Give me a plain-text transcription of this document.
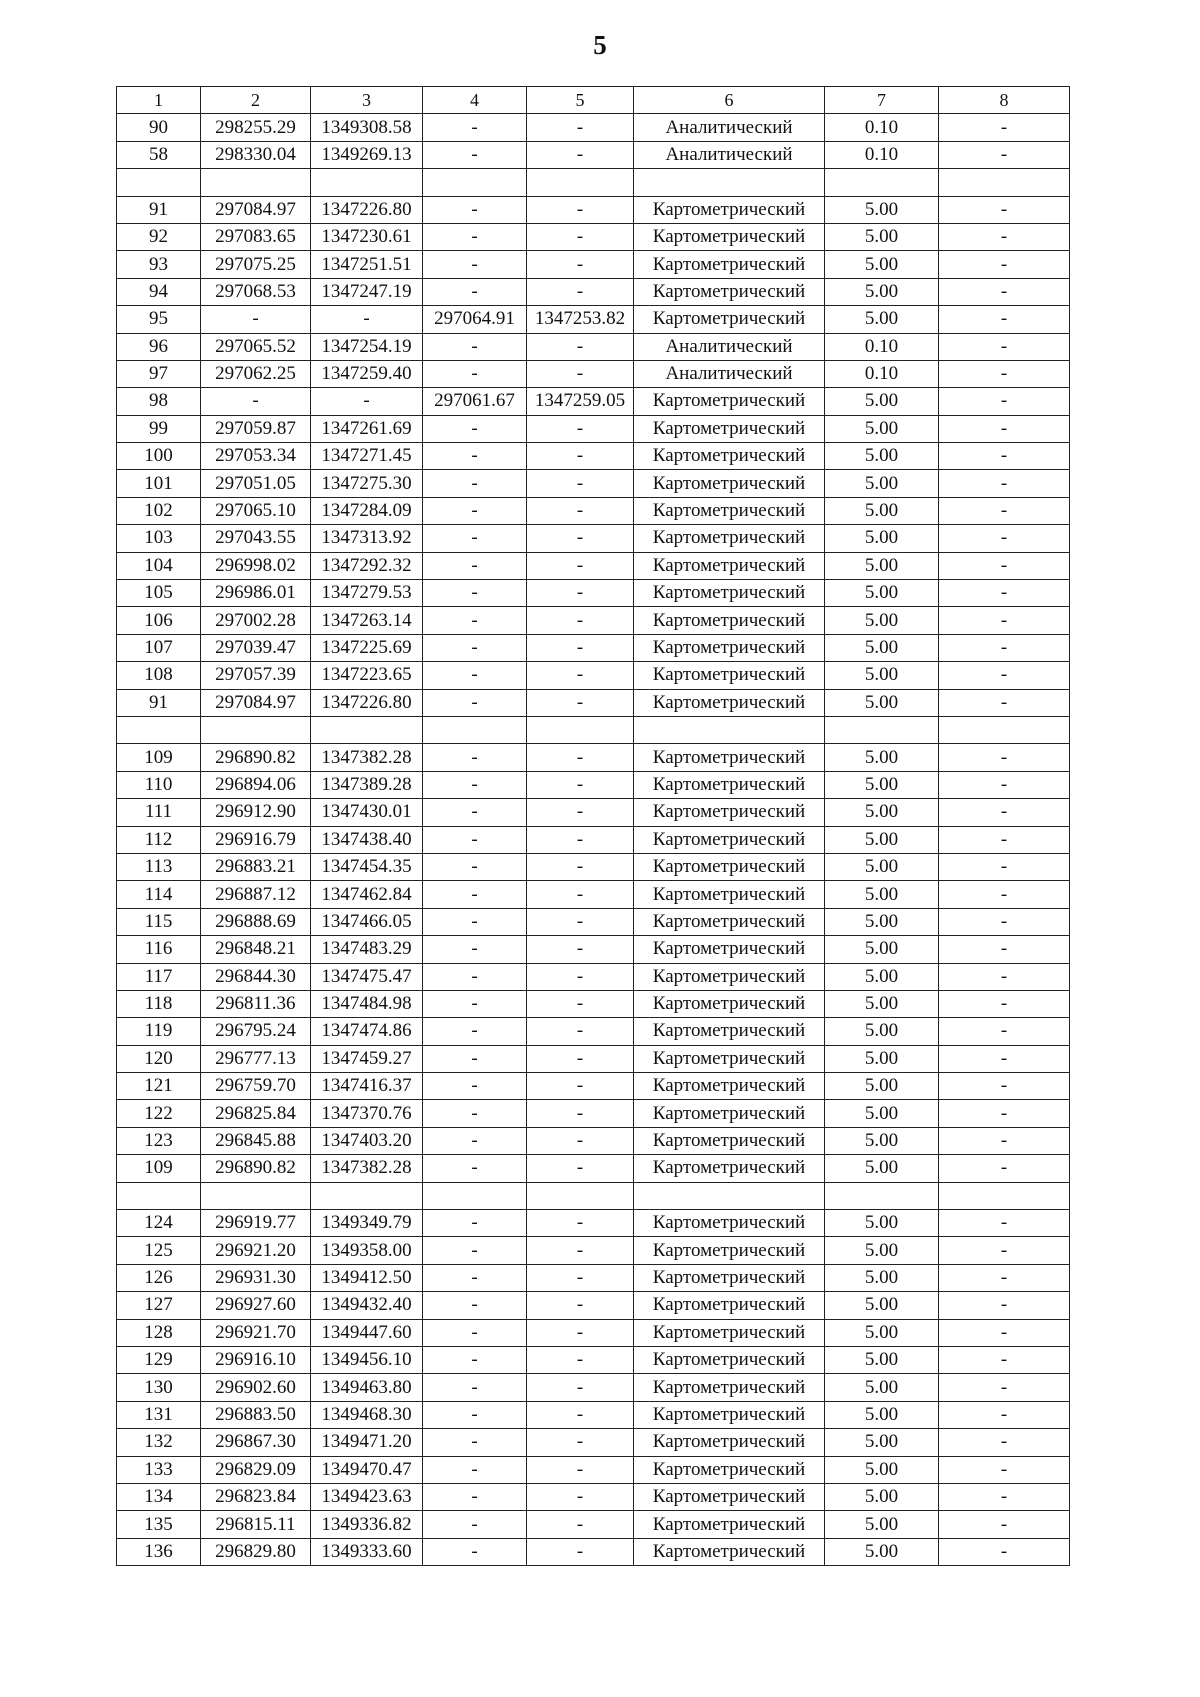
5
1	2	3	4	5	6	7	8
90	298255.29	1349308.58	-	-	Аналитический	0.10	-
58	298330.04	1349269.13	-	-	Аналитический	0.10	-

91	297084.97	1347226.80	-	-	Картометрический	5.00	-
92	297083.65	1347230.61	-	-	Картометрический	5.00	-
93	297075.25	1347251.51	-	-	Картометрический	5.00	-
94	297068.53	1347247.19	-	-	Картометрический	5.00	-
95	-	-	297064.91	1347253.82	Картометрический	5.00	-
96	297065.52	1347254.19	-	-	Аналитический	0.10	-
97	297062.25	1347259.40	-	-	Аналитический	0.10	-
98	-	-	297061.67	1347259.05	Картометрический	5.00	-
99	297059.87	1347261.69	-	-	Картометрический	5.00	-
100	297053.34	1347271.45	-	-	Картометрический	5.00	-
101	297051.05	1347275.30	-	-	Картометрический	5.00	-
102	297065.10	1347284.09	-	-	Картометрический	5.00	-
103	297043.55	1347313.92	-	-	Картометрический	5.00	-
104	296998.02	1347292.32	-	-	Картометрический	5.00	-
105	296986.01	1347279.53	-	-	Картометрический	5.00	-
106	297002.28	1347263.14	-	-	Картометрический	5.00	-
107	297039.47	1347225.69	-	-	Картометрический	5.00	-
108	297057.39	1347223.65	-	-	Картометрический	5.00	-
91	297084.97	1347226.80	-	-	Картометрический	5.00	-

109	296890.82	1347382.28	-	-	Картометрический	5.00	-
110	296894.06	1347389.28	-	-	Картометрический	5.00	-
111	296912.90	1347430.01	-	-	Картометрический	5.00	-
112	296916.79	1347438.40	-	-	Картометрический	5.00	-
113	296883.21	1347454.35	-	-	Картометрический	5.00	-
114	296887.12	1347462.84	-	-	Картометрический	5.00	-
115	296888.69	1347466.05	-	-	Картометрический	5.00	-
116	296848.21	1347483.29	-	-	Картометрический	5.00	-
117	296844.30	1347475.47	-	-	Картометрический	5.00	-
118	296811.36	1347484.98	-	-	Картометрический	5.00	-
119	296795.24	1347474.86	-	-	Картометрический	5.00	-
120	296777.13	1347459.27	-	-	Картометрический	5.00	-
121	296759.70	1347416.37	-	-	Картометрический	5.00	-
122	296825.84	1347370.76	-	-	Картометрический	5.00	-
123	296845.88	1347403.20	-	-	Картометрический	5.00	-
109	296890.82	1347382.28	-	-	Картометрический	5.00	-

124	296919.77	1349349.79	-	-	Картометрический	5.00	-
125	296921.20	1349358.00	-	-	Картометрический	5.00	-
126	296931.30	1349412.50	-	-	Картометрический	5.00	-
127	296927.60	1349432.40	-	-	Картометрический	5.00	-
128	296921.70	1349447.60	-	-	Картометрический	5.00	-
129	296916.10	1349456.10	-	-	Картометрический	5.00	-
130	296902.60	1349463.80	-	-	Картометрический	5.00	-
131	296883.50	1349468.30	-	-	Картометрический	5.00	-
132	296867.30	1349471.20	-	-	Картометрический	5.00	-
133	296829.09	1349470.47	-	-	Картометрический	5.00	-
134	296823.84	1349423.63	-	-	Картометрический	5.00	-
135	296815.11	1349336.82	-	-	Картометрический	5.00	-
136	296829.80	1349333.60	-	-	Картометрический	5.00	-
